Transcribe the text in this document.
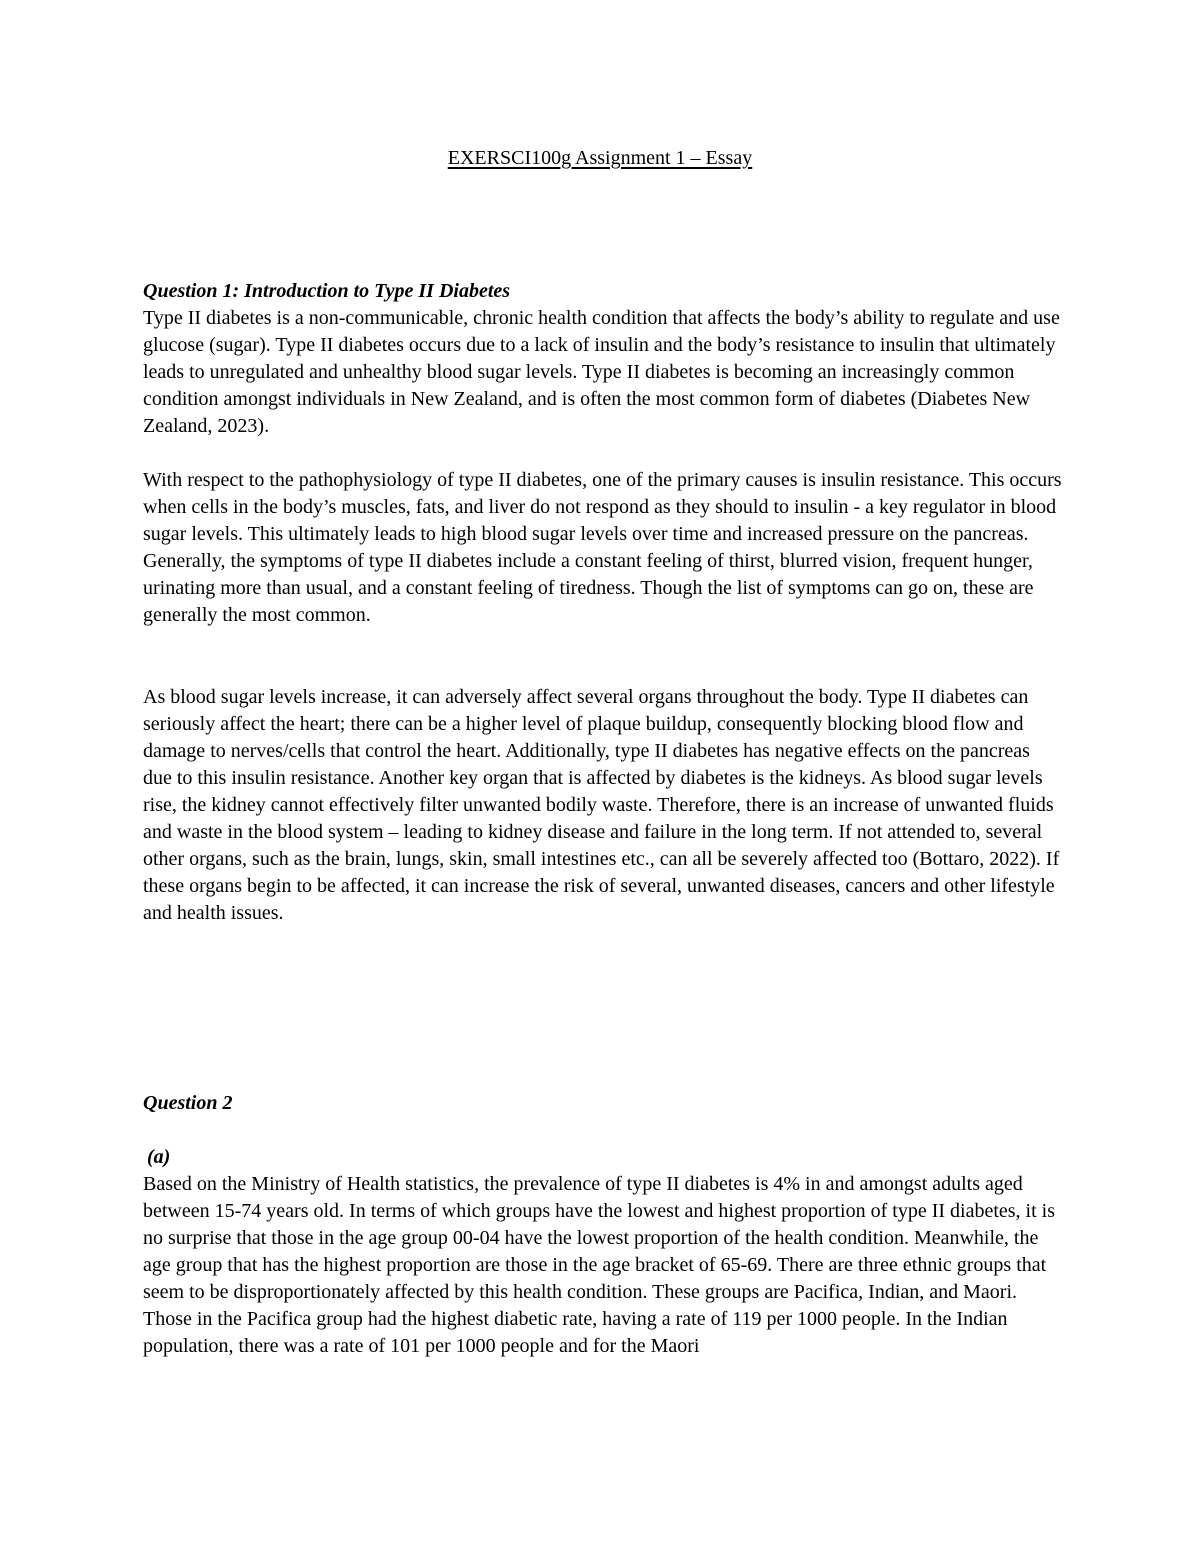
EXERSCI100g Assignment 1 – Essay

Question 1: Introduction to Type II Diabetes

Type II diabetes is a non-communicable, chronic health condition that affects the body’s ability to regulate and use glucose (sugar). Type II diabetes occurs due to a lack of insulin and the body’s resistance to insulin that ultimately leads to unregulated and unhealthy blood sugar levels. Type II diabetes is becoming an increasingly common condition amongst individuals in New Zealand, and is often the most common form of diabetes (Diabetes New Zealand, 2023).

With respect to the pathophysiology of type II diabetes, one of the primary causes is insulin resistance. This occurs when cells in the body’s muscles, fats, and liver do not respond as they should to insulin - a key regulator in blood sugar levels. This ultimately leads to high blood sugar levels over time and increased pressure on the pancreas. Generally, the symptoms of type II diabetes include a constant feeling of thirst, blurred vision, frequent hunger, urinating more than usual, and a constant feeling of tiredness. Though the list of symptoms can go on, these are generally the most common.

As blood sugar levels increase, it can adversely affect several organs throughout the body. Type II diabetes can seriously affect the heart; there can be a higher level of plaque buildup, consequently blocking blood flow and damage to nerves/cells that control the heart. Additionally, type II diabetes has negative effects on the pancreas due to this insulin resistance. Another key organ that is affected by diabetes is the kidneys. As blood sugar levels rise, the kidney cannot effectively filter unwanted bodily waste. Therefore, there is an increase of unwanted fluids and waste in the blood system – leading to kidney disease and failure in the long term. If not attended to, several other organs, such as the brain, lungs, skin, small intestines etc., can all be severely affected too (Bottaro, 2022). If these organs begin to be affected, it can increase the risk of several, unwanted diseases, cancers and other lifestyle and health issues.

Question 2

(a)

Based on the Ministry of Health statistics, the prevalence of type II diabetes is 4% in and amongst adults aged between 15-74 years old. In terms of which groups have the lowest and highest proportion of type II diabetes, it is no surprise that those in the age group 00-04 have the lowest proportion of the health condition. Meanwhile, the age group that has the highest proportion are those in the age bracket of 65-69. There are three ethnic groups that seem to be disproportionately affected by this health condition. These groups are Pacifica, Indian, and Maori. Those in the Pacifica group had the highest diabetic rate, having a rate of 119 per 1000 people. In the Indian population, there was a rate of 101 per 1000 people and for the Maori
